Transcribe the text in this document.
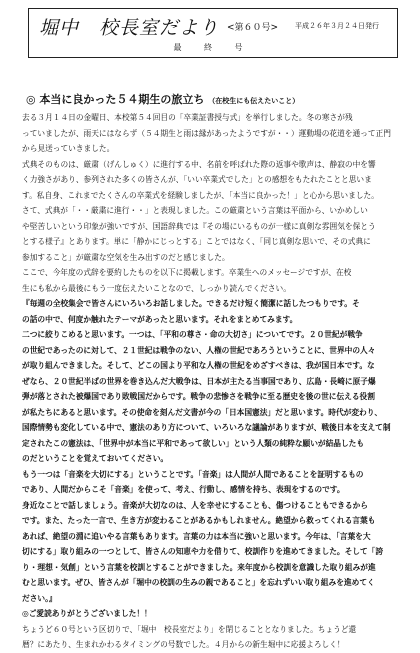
堀中　校長室だより <第６０号> 平成２６年３月２４日発行
最 終 号
◎ 本当に良かった５４期生の旅立ち （在校生にも伝えたいこと）

去る３月１４日の金曜日、本校第５４回目の「卒業証書授与式」を挙行しました。冬の寒さが残

っていましたが、雨天にはならず（５４期生と雨は縁があったようですが・・）運動場の花道を通って正門

から見送っていきました。

式典そのものは、厳粛（げんしゅく）に進行する中、名前を呼ばれた際の返事や歌声は、静寂の中を響

く力強さがあり、参列された多くの皆さんが、「いい卒業式でした」との感想をもたれたことと思いま

す。私自身、これまでたくさんの卒業式を経験しましたが、「本当に良かった！」と心から思いました。

さて、式典が「・・厳粛に進行・・」と表現しました。この厳粛という言葉は平面から、いかめしい

や堅苦しいという印象が強いですが、国語辞典では『その場にいるものが一様に真剣な雰囲気を保とう

とする様子』とあります。単に「静かにじっとする」ことではなく、「同じ真剣な思いで、その式典に

参加すること」が厳粛な空気を生み出すのだと感じました。

ここで、今年度の式辞を要約したものを以下に掲載します。卒業生へのメッセージですが、在校

生にも私から最後にもう一度伝えたいことなので、しっかり読んでください。

『毎週の全校集会で皆さんにいろいろお話しました。できるだけ短く簡潔に話したつもりです。そ

の話の中で、何度か触れたテーマがあったと思います。それをまとめてみます。

二つに絞りこめると思います。一つは、「平和の尊さ・命の大切さ」についてです。２０世紀が戦争

の世紀であったのに対して、２１世紀は戦争のない、人権の世紀であろうということに、世界中の人々

が取り組んできました。そして、どこの国より平和な人権の世紀をめざすべきは、我が国日本です。な

ぜなら、２０世紀半ばの世界を巻き込んだ大戦争は、日本が主たる当事国であり、広島・長崎に原子爆

弾が落とされた被爆国であり敗戦国だからです。戦争の悲惨さを戦争に至る歴史を後の世に伝える役割

が私たちにあると思います。その使命を刻んだ文書が今の「日本国憲法」だと思います。時代が変わり、

国際情勢も変化している中で、憲法のあり方について、いろいろな議論がありますが、戦後日本を支えて制

定されたこの憲法は、「世界中が本当に平和であって欲しい」という人類の純粋な願いが結晶したも

のだということを覚えておいてください。

もう一つは「音楽を大切にする」ということです。「音楽」は人間が人間であることを証明するもの

であり、人間だからこそ「音楽」を使って、考え、行動し、感情を持ち、表現をするのです。

身近なことで話しましょう。音楽が大切なのは、人を幸せにすることも、傷つけることもできるから

です。また、たった一言で、生き方が変わることがあるかもしれません。絶望から救ってくれる言葉も

あれば、絶望の淵に追いやる言葉もあります。言葉の力は本当に強いと思います。今年は、「言葉を大

切にする」取り組みの一つとして、皆さんの知恵や力を借りて、校訓作りを進めてきました。そして「誇

り・理想・気創」という言葉を校訓とすることができました。来年度から校訓を意識した取り組みが進

むと思います。ぜひ、皆さんが「堀中の校訓の生みの親であること」を忘れずいい取り組みを進めてく

ださい。』

◎ご愛読ありがとうございました！！

ちょうど６０号という区切りで、「堀中　校長室だより」を閉じることとなりました。ちょうど還

暦？にあたり、生まれかわるタイミングの号数でした。４月からの新生堀中に応援よろしく！
